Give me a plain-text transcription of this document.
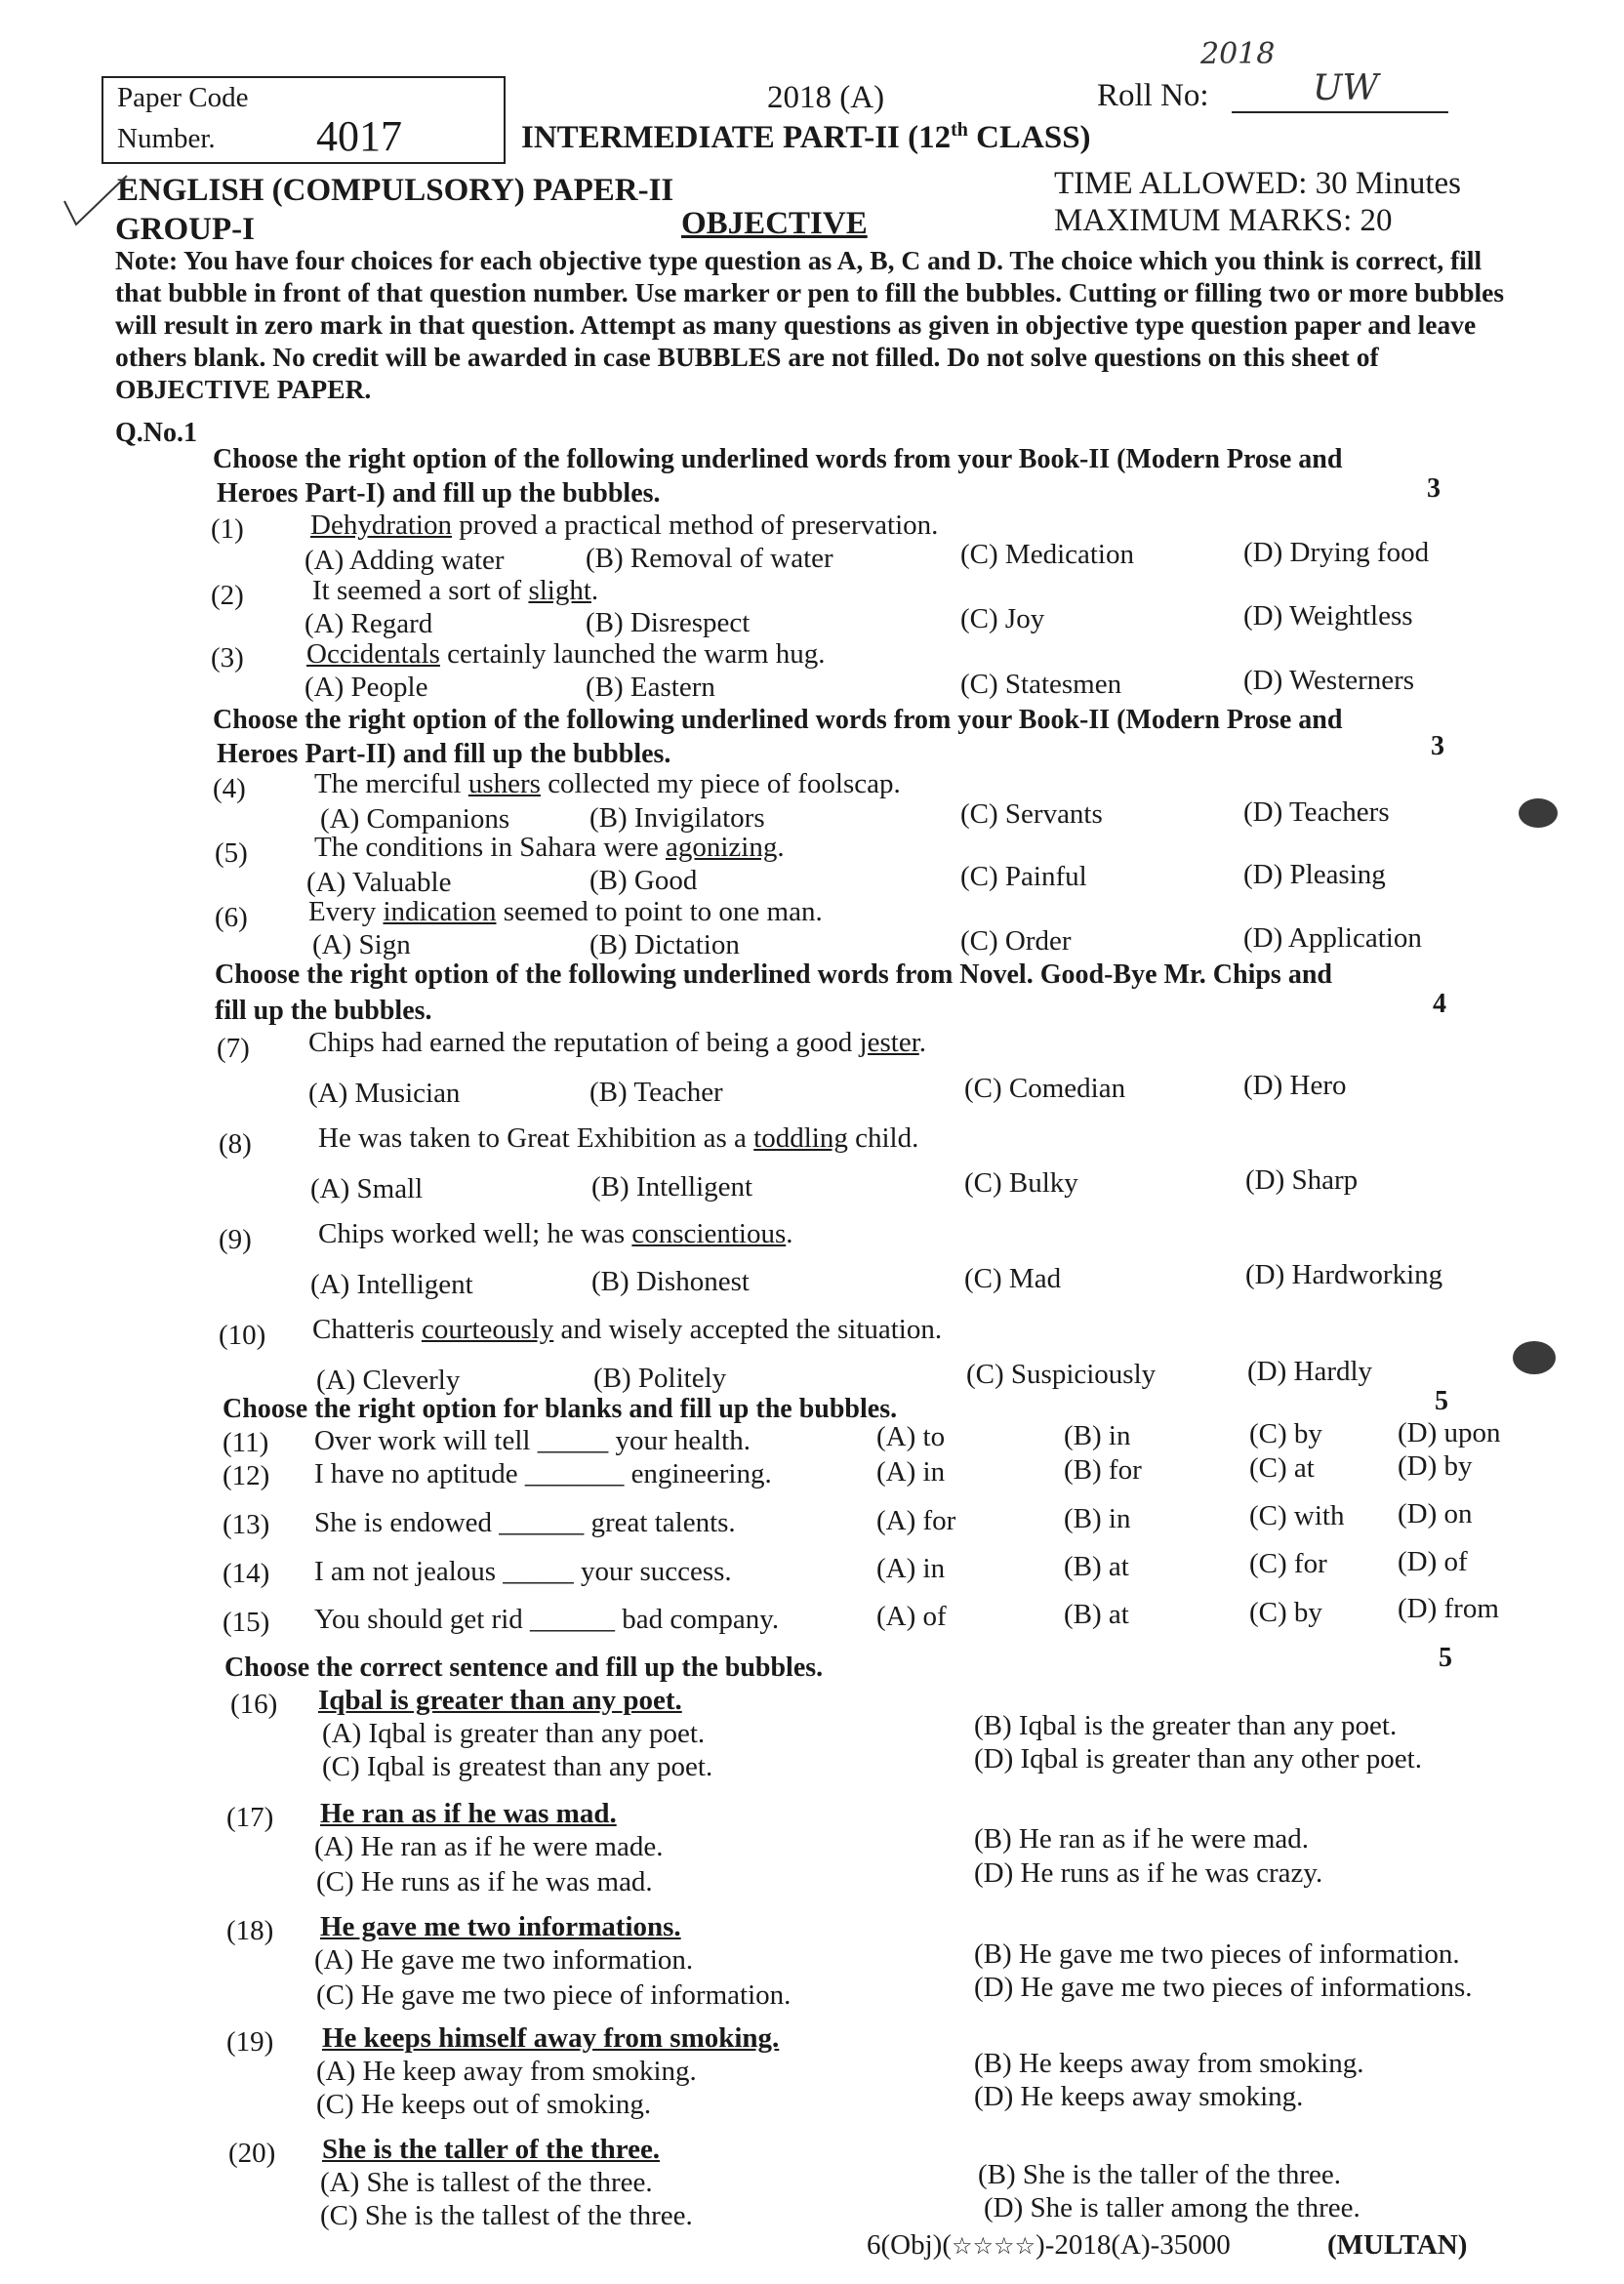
Paper Code
Number. 4017
2018 (A)	Roll No:	UW
2018
INTERMEDIATE PART-II (12th CLASS)
ENGLISH (COMPULSORY) PAPER-II	TIME ALLOWED: 30 Minutes
GROUP-I	OBJECTIVE	MAXIMUM MARKS: 20
Note: You have four choices for each objective type question as A, B, C and D. The choice which you think is correct, fill that bubble in front of that question number. Use marker or pen to fill the bubbles. Cutting or filling two or more bubbles will result in zero mark in that question. Attempt as many questions as given in objective type question paper and leave others blank. No credit will be awarded in case BUBBLES are not filled. Do not solve questions on this sheet of OBJECTIVE PAPER.
Q.No.1
Choose the right option of the following underlined words from your Book-II (Modern Prose and
Heroes Part-I) and fill up the bubbles.	3
Choose the right option of the following underlined words from your Book-II (Modern Prose and
Heroes Part-II) and fill up the bubbles.	3
Choose the right option of the following underlined words from Novel. Good-Bye Mr. Chips and
fill up the bubbles.	4
Choose the right option for blanks and fill up the bubbles.	5
Choose the correct sentence and fill up the bubbles.	5
(1) Dehydration proved a practical method of preservation.
(A) Adding water	(B) Removal of water	(C) Medication	(D) Drying food
(2) It seemed a sort of slight.
(A) Regard	(B) Disrespect	(C) Joy	(D) Weightless
(3) Occidentals certainly launched the warm hug.
(A) People	(B) Eastern	(C) Statesmen	(D) Westerners
(4) The merciful ushers collected my piece of foolscap.
(A) Companions	(B) Invigilators	(C) Servants	(D) Teachers
(5) The conditions in Sahara were agonizing.
(A) Valuable	(B) Good	(C) Painful	(D) Pleasing
(6) Every indication seemed to point to one man.
(A) Sign	(B) Dictation	(C) Order	(D) Application
(7) Chips had earned the reputation of being a good jester.
(A) Musician	(B) Teacher	(C) Comedian	(D) Hero
(8) He was taken to Great Exhibition as a toddling child.
(A) Small	(B) Intelligent	(C) Bulky	(D) Sharp
(9) Chips worked well; he was conscientious.
(A) Intelligent	(B) Dishonest	(C) Mad	(D) Hardworking
(10) Chatteris courteously and wisely accepted the situation.
(A) Cleverly	(B) Politely	(C) Suspiciously	(D) Hardly
(11) Over work will tell _____ your health.	(A) to	(B) in	(C) by	(D) upon
(12) I have no aptitude _______ engineering.	(A) in	(B) for	(C) at	(D) by
(13) She is endowed ______ great talents.	(A) for	(B) in	(C) with (D) on
(14) I am not jealous _____ your success.	(A) in	(B) at	(C) for (D) of
(15) You should get rid ______ bad company.	(A) of	(B) at	(C) by	(D) from
(16) Iqbal is greater than any poet.
(A) Iqbal is greater than any poet.
(C) Iqbal is greatest than any poet.
(B) Iqbal is the greater than any poet.
(D) Iqbal is greater than any other poet.
(17) He ran as if he was mad.
(A) He ran as if he were made.
(C) He runs as if he was mad.
(B) He ran as if he were mad.
(D) He runs as if he was crazy.
(18) He gave me two informations.
(A) He gave me two information.
(C) He gave me two piece of information.
(B) He gave me two pieces of information.
(D) He gave me two pieces of informations.
(19) He keeps himself away from smoking.
(A) He keep away from smoking.
(C) He keeps out of smoking.
(B) He keeps away from smoking.
(D) He keeps away smoking.
(20) She is the taller of the three.
(A) She is tallest of the three.
(C) She is the tallest of the three.
(B) She is the taller of the three.
(D) She is taller among the three.
6(Obj)(☆☆☆☆)-2018(A)-35000	(MULTAN)
